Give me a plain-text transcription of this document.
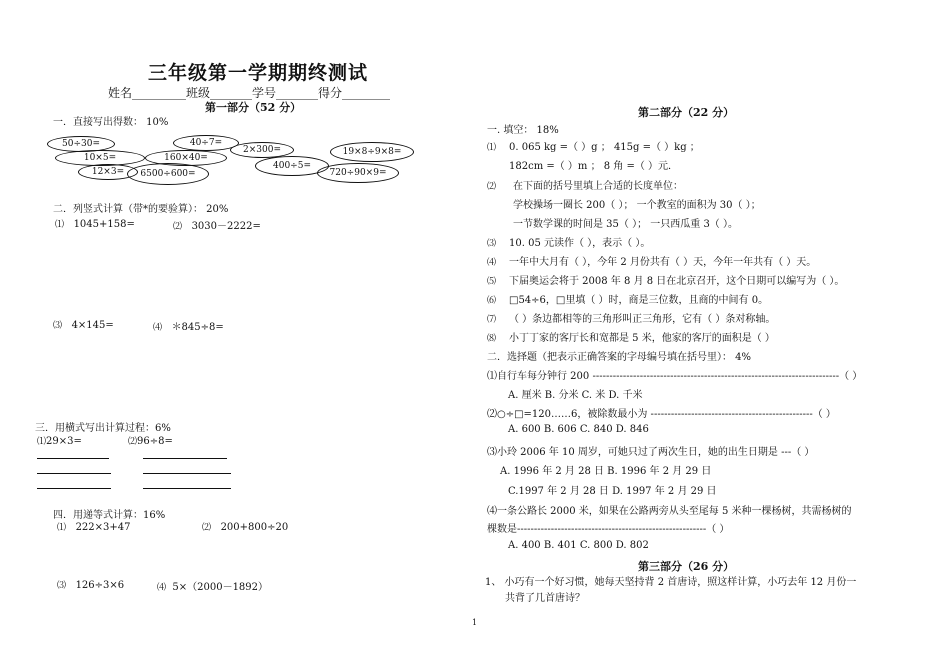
三年级第一学期期终测试
姓名_________班级_______学号_______得分________
第一部分（52 分）
一．直接写出得数： 10%
50÷30=	40÷7=
10×5=	160×40=
2×300=	19×8÷9×8=
400÷5=
12×3=	6500÷600=	720÷90×9=
二．列竖式计算（带*的要验算）： 20%
⑴ 1045+158=	⑵ 3030－2222=
⑶ 4×145=	⑷ ＊845÷8=
三．用横式写出计算过程：6%
⑴29×3=	⑵96÷8=
四．用递等式计算：16%
⑴ 222×3+47	⑵ 200+800÷20
⑶ 126÷3×6	⑷ 5×（2000－1892）
第二部分（22 分）
一. 填空： 18%
⑴ 0. 065 kg =（ ）g ； 415g =（ ）kg ；
182cm =（ ）m ； 8 角 =（ ）元．
⑵ 在下面的括号里填上合适的长度单位：
学校操场一圈长 200（ ）； 一个教室的面积为 30（ ）；
一节数学课的时间是 35（ ）； 一只西瓜重 3（ ）。
⑶ 10. 05 元读作（ ），表示（ ）。
⑷ 一年中大月有（ ），今年 2 月份共有（ ）天，今年一年共有（ ）天。
⑸ 下届奥运会将于 2008 年 8 月 8 日在北京召开，这个日期可以编写为（ ）。
⑹ □54÷6，□里填（ ）时，商是三位数，且商的中间有 0。
⑺ （ ）条边都相等的三角形叫正三角形，它有（ ）条对称轴。
⑻ 小丁丁家的客厅长和宽都是 5 米，他家的客厅的面积是（ ）
二．选择题（把表示正确答案的字母编号填在括号里）： 4%
⑴自行车每分钟行 200 -------------------------------------------------------------------------（ ）
A. 厘米 B. 分米 C. 米 D. 千米
⑵○÷□=120……6，被除数最小为 ------------------------------------------------（ ）
A. 600 B. 606 C. 840 D. 846
⑶小玲 2006 年 10 周岁，可她只过了两次生日，她的出生日期是 ---（ ）
A. 1996 年 2 月 28 日 B. 1996 年 2 月 29 日
C.1997 年 2 月 28 日 D. 1997 年 2 月 29 日
⑷一条公路长 2000 米，如果在公路两旁从头至尾每 5 米种一棵杨树，共需杨树的
棵数是--------------------------------------------------------（ ）
A. 400 B. 401 C. 800 D. 802
第三部分（26 分）
1、 小巧有一个好习惯，她每天坚持背 2 首唐诗，照这样计算，小巧去年 12 月份一
共背了几首唐诗？
1
